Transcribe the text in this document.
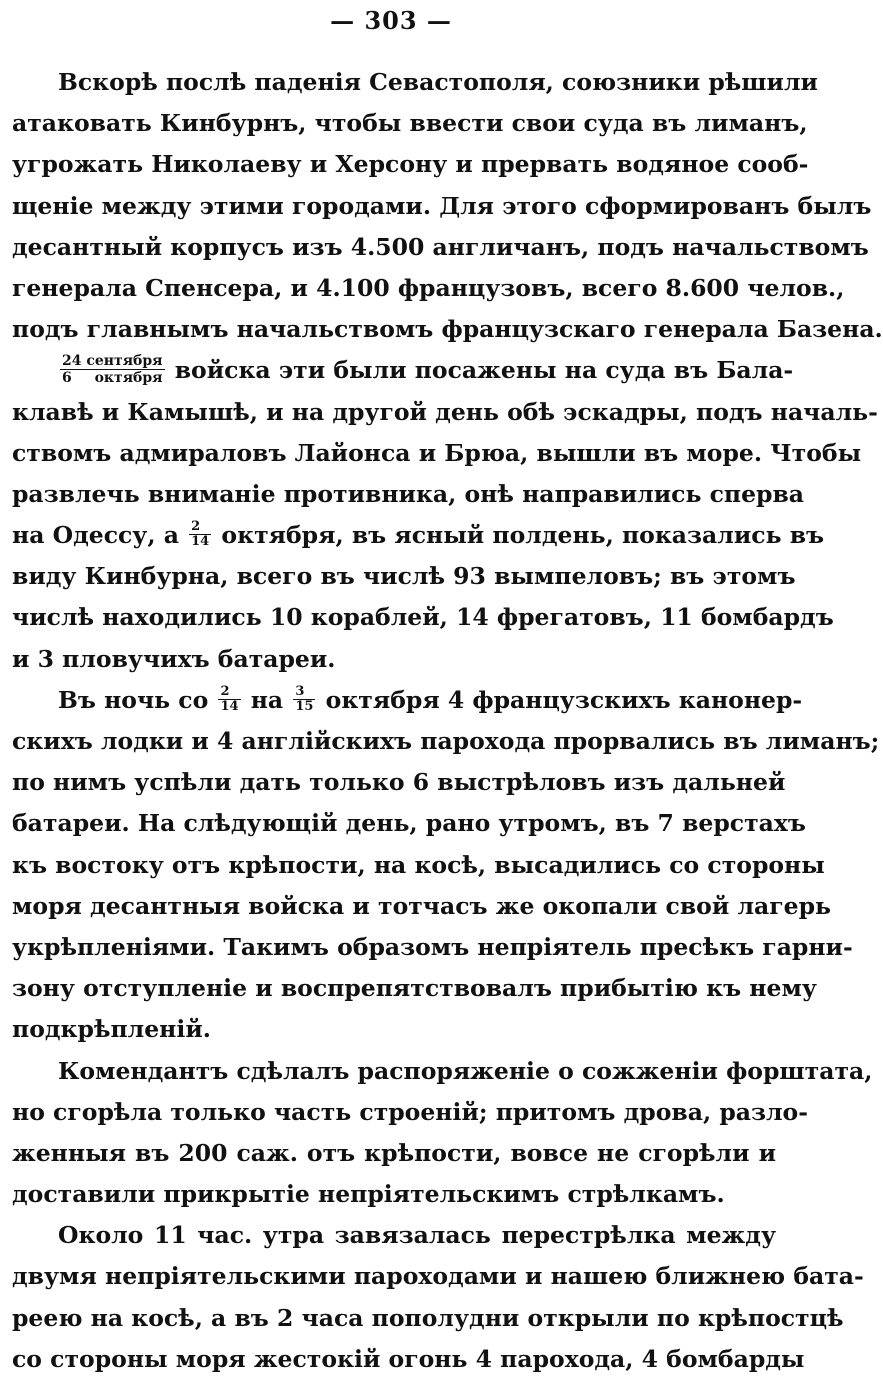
— 303 —
Вскорѣ послѣ паденія Севастополя, союзники рѣшили
атаковать Кинбурнъ, чтобы ввести свои суда въ лиманъ,
угрожать Николаеву и Херсону и прервать водяное сооб-
щеніе между этими городами. Для этого сформированъ былъ
десантный корпусъ изъ 4.500 англичанъ, подъ начальствомъ
генерала Спенсера, и 4.100 французовъ, всего 8.600 челов.,
подъ главнымъ начальствомъ французскаго генерала Базена.
$\frac{\text{24 сентября}}{\text{6 октября}}$ войска эти были посажены на суда въ Бала-
клавѣ и Камышѣ, и на другой день обѣ эскадры, подъ началь-
ствомъ адмираловъ Лайонса и Брюа, вышли въ море. Чтобы
развлечь вниманіе противника, онѣ направились сперва
на Одессу, а $\frac{2}{14}$ октября, въ ясный полдень, показались въ
виду Кинбурна, всего въ числѣ 93 вымпеловъ; въ этомъ
числѣ находились 10 кораблей, 14 фрегатовъ, 11 бомбардъ
и 3 пловучихъ батареи.
Въ ночь со $\frac{2}{14}$ на $\frac{3}{15}$ октября 4 французскихъ канонер-
скихъ лодки и 4 англійскихъ парохода прорвались въ лиманъ;
по нимъ успѣли дать только 6 выстрѣловъ изъ дальней
батареи. На слѣдующій день, рано утромъ, въ 7 верстахъ
къ востоку отъ крѣпости, на косѣ, высадились со стороны
моря десантныя войска и тотчасъ же окопали свой лагерь
укрѣпленіями. Такимъ образомъ непріятель пресѣкъ гарни-
зону отступленіе и воспрепятствовалъ прибытію къ нему
подкрѣпленій.
Комендантъ сдѣлалъ распоряженіе о сожженіи форштата,
но сгорѣла только часть строеній; притомъ дрова, разло-
женныя въ 200 саж. отъ крѣпости, вовсе не сгорѣли и
доставили прикрытіе непріятельскимъ стрѣлкамъ.
Около 11 час. утра завязалась перестрѣлка между
двумя непріятельскими пароходами и нашею ближнею бата-
реею на косѣ, а въ 2 часа пополудни открыли по крѣпостцѣ
со стороны моря жестокій огонь 4 парохода, 4 бомбарды
